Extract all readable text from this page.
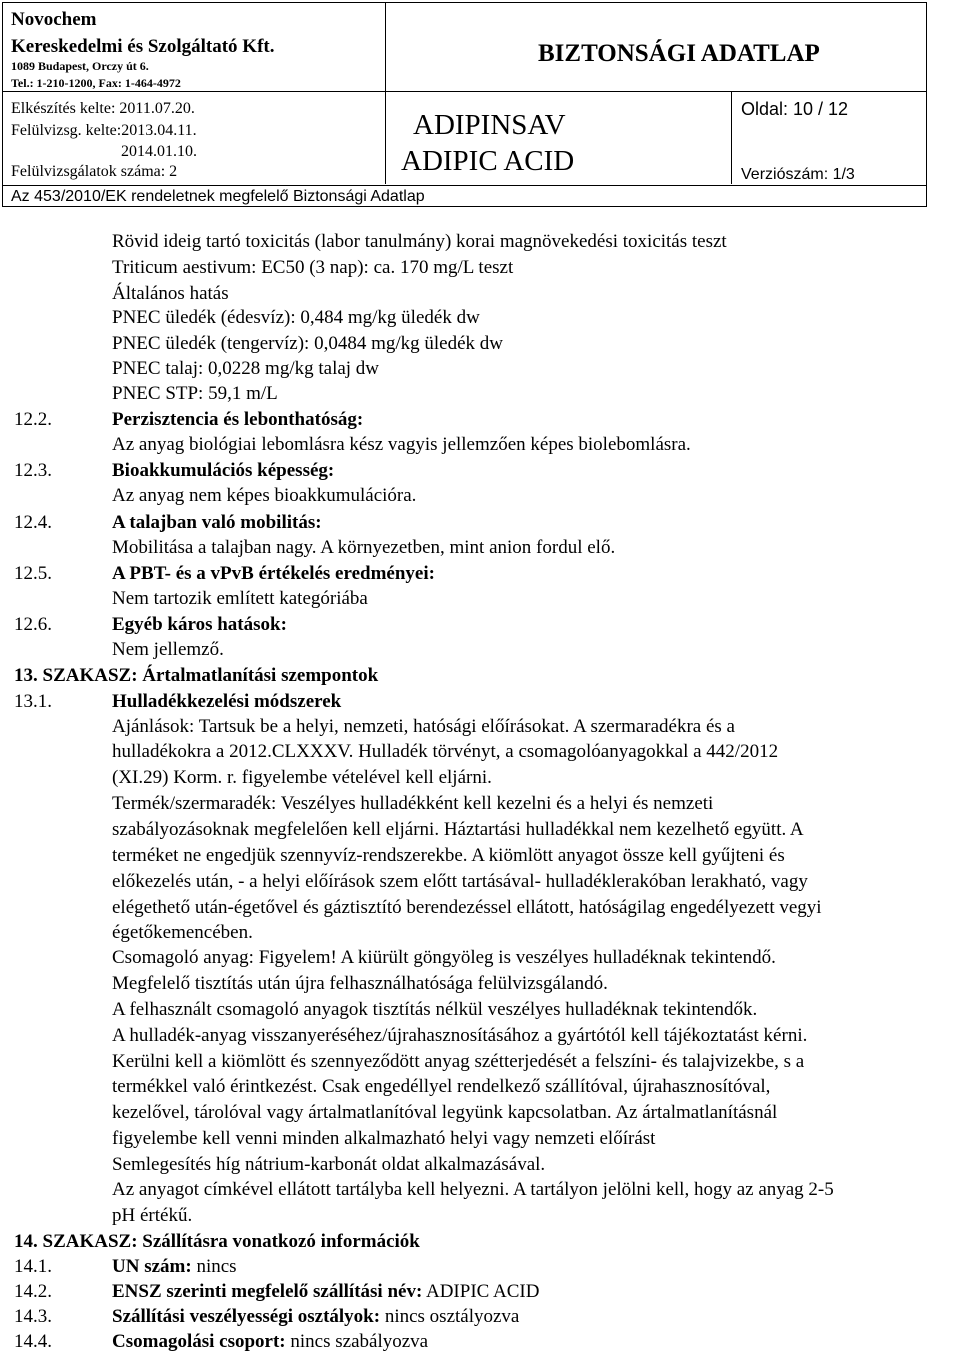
Novochem
Kereskedelmi és Szolgáltató Kft.
1089 Budapest, Orczy út 6.
Tel.: 1-210-1200, Fax: 1-464-4972
BIZTONSÁGI ADATLAP
Elkészítés kelte: 2011.07.20.
Felülvizsg. kelte:2013.04.11.
2014.01.10.
Felülvizsgálatok száma: 2
ADIPINSAV
ADIPIC ACID
Oldal: 10 / 12
Verziószám: 1/3
Az 453/2010/EK rendeletnek megfelelő Biztonsági Adatlap
Rövid ideig tartó toxicitás (labor tanulmány) korai magnövekedési toxicitás teszt
Triticum aestivum: EC50 (3 nap): ca. 170 mg/L teszt
Általános hatás
PNEC üledék (édesvíz): 0,484 mg/kg üledék dw
PNEC üledék (tengervíz): 0,0484 mg/kg üledék dw
PNEC talaj: 0,0228 mg/kg talaj dw
PNEC STP: 59,1 m/L
12.2.	Perzisztencia és lebonthatóság:
Az anyag biológiai lebomlásra kész vagyis jellemzően képes biolebomlásra.
12.3.	Bioakkumulációs képesség:
Az anyag nem képes bioakkumulációra.
12.4.	A talajban való mobilitás:
Mobilitása a talajban nagy. A környezetben, mint anion fordul elő.
12.5.	A PBT- és a vPvB értékelés eredményei:
Nem tartozik említett kategóriába
12.6.	Egyéb káros hatások:
Nem jellemző.
13. SZAKASZ: Ártalmatlanítási szempontok
13.1.	Hulladékkezelési módszerek
Ajánlások: Tartsuk be a helyi, nemzeti, hatósági előírásokat. A szermaradékra és a
hulladékokra a 2012.CLXXXV. Hulladék törvényt, a csomagolóanyagokkal a 442/2012
(XI.29) Korm. r. figyelembe vételével kell eljárni.
Termék/szermaradék: Veszélyes hulladékként kell kezelni és a helyi és nemzeti
szabályozásoknak megfelelően kell eljárni. Háztartási hulladékkal nem kezelhető együtt. A
terméket ne engedjük szennyvíz-rendszerekbe. A kiömlött anyagot össze kell gyűjteni és
előkezelés után, - a helyi előírások szem előtt tartásával- hulladéklerakóban lerakható, vagy
elégethető után-égetővel és gáztisztító berendezéssel ellátott, hatóságilag engedélyezett vegyi
égetőkemencében.
Csomagoló anyag: Figyelem! A kiürült göngyöleg is veszélyes hulladéknak tekintendő.
Megfelelő tisztítás után újra felhasználhatósága felülvizsgálandó.
A felhasznált csomagoló anyagok tisztítás nélkül veszélyes hulladéknak tekintendők.
A hulladék-anyag visszanyeréséhez/újrahasznosításához a gyártótól kell tájékoztatást kérni.
Kerülni kell a kiömlött és szennyeződött anyag szétterjedését a felszíni- és talajvizekbe, s a
termékkel való érintkezést. Csak engedéllyel rendelkező szállítóval, újrahasznosítóval,
kezelővel, tárolóval vagy ártalmatlanítóval legyünk kapcsolatban. Az ártalmatlanításnál
figyelembe kell venni minden alkalmazható helyi vagy nemzeti előírást
Semlegesítés híg nátrium-karbonát oldat alkalmazásával.
Az anyagot címkével ellátott tartályba kell helyezni. A tartályon jelölni kell, hogy az anyag 2-5
pH értékű.
14. SZAKASZ: Szállításra vonatkozó információk
14.1.	UN szám: nincs
14.2.	ENSZ szerinti megfelelő szállítási név: ADIPIC ACID
14.3.	Szállítási veszélyességi osztályok: nincs osztályozva
14.4.	Csomagolási csoport: nincs szabályozva
